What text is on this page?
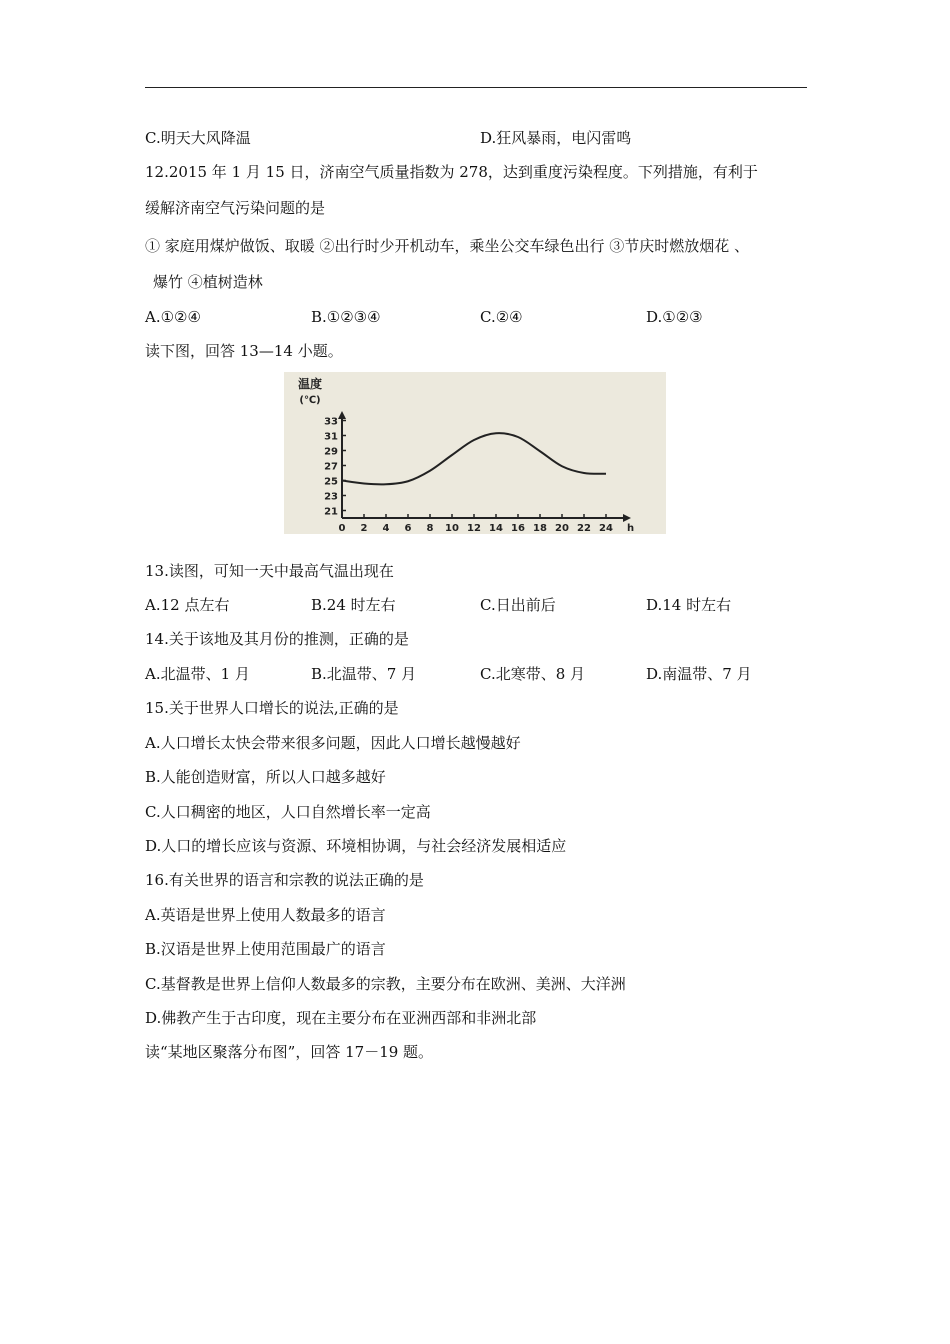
C.明天大风降温	D.狂风暴雨，电闪雷鸣
12.2015 年 1 月 15 日，济南空气质量指数为 278，达到重度污染程度。下列措施，有利于
缓解济南空气污染问题的是
① 家庭用煤炉做饭、取暖 ②出行时少开机动车，乘坐公交车绿色出行 ③节庆时燃放烟花 、
爆竹 ④植树造林
A.①②④	B.①②③④	C.②④	D.①②③
读下图，回答 13—14 小题。
温度
(℃)
h
0 2 4 6 8 10 12 14 16 18 20 22 24
21
23
25
27
29
31
33
13.读图，可知一天中最高气温出现在
A.12 点左右	B.24 时左右	C.日出前后	D.14 时左右
14.关于该地及其月份的推测，正确的是
A.北温带、1 月	B.北温带、7 月	C.北寒带、8 月	D.南温带、7 月
15.关于世界人口增长的说法,正确的是
A.人口增长太快会带来很多问题，因此人口增长越慢越好
B.人能创造财富，所以人口越多越好
C.人口稠密的地区，人口自然增长率一定高
D.人口的增长应该与资源、环境相协调，与社会经济发展相适应
16.有关世界的语言和宗教的说法正确的是
A.英语是世界上使用人数最多的语言
B.汉语是世界上使用范围最广的语言
C.基督教是世界上信仰人数最多的宗教，主要分布在欧洲、美洲、大洋洲
D.佛教产生于古印度，现在主要分布在亚洲西部和非洲北部
读“某地区聚落分布图”，回答 17－19 题。
